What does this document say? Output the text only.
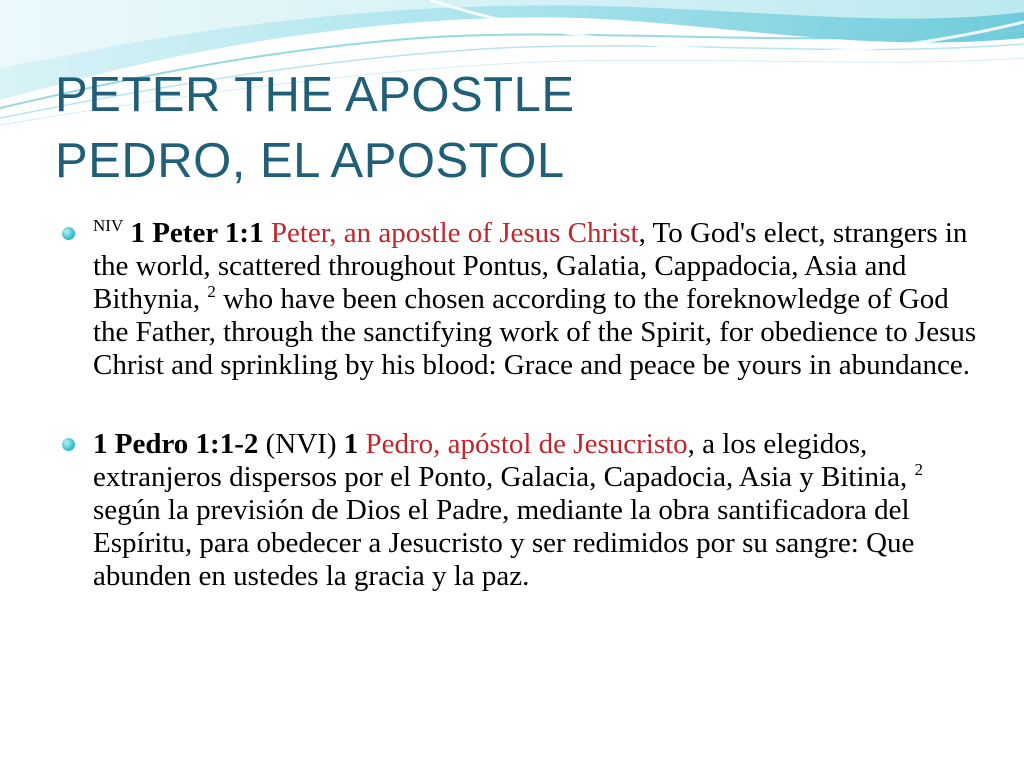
PETER THE APOSTLE
PEDRO, EL APOSTOL

$^{NIV}$ 1 Peter 1:1 Peter, an apostle of Jesus Christ, To God's elect, strangers in the world, scattered throughout Pontus, Galatia, Cappadocia, Asia and Bithynia, $^2$ who have been chosen according to the foreknowledge of God the Father, through the sanctifying work of the Spirit, for obedience to Jesus Christ and sprinkling by his blood: Grace and peace be yours in abundance.

1 Pedro 1:1-2 (NVI) 1 Pedro, apóstol de Jesucristo, a los elegidos, extranjeros dispersos por el Ponto, Galacia, Capadocia, Asia y Bitinia, $^2$ según la previsión de Dios el Padre, mediante la obra santificadora del Espíritu, para obedecer a Jesucristo y ser redimidos por su sangre: Que abunden en ustedes la gracia y la paz.
